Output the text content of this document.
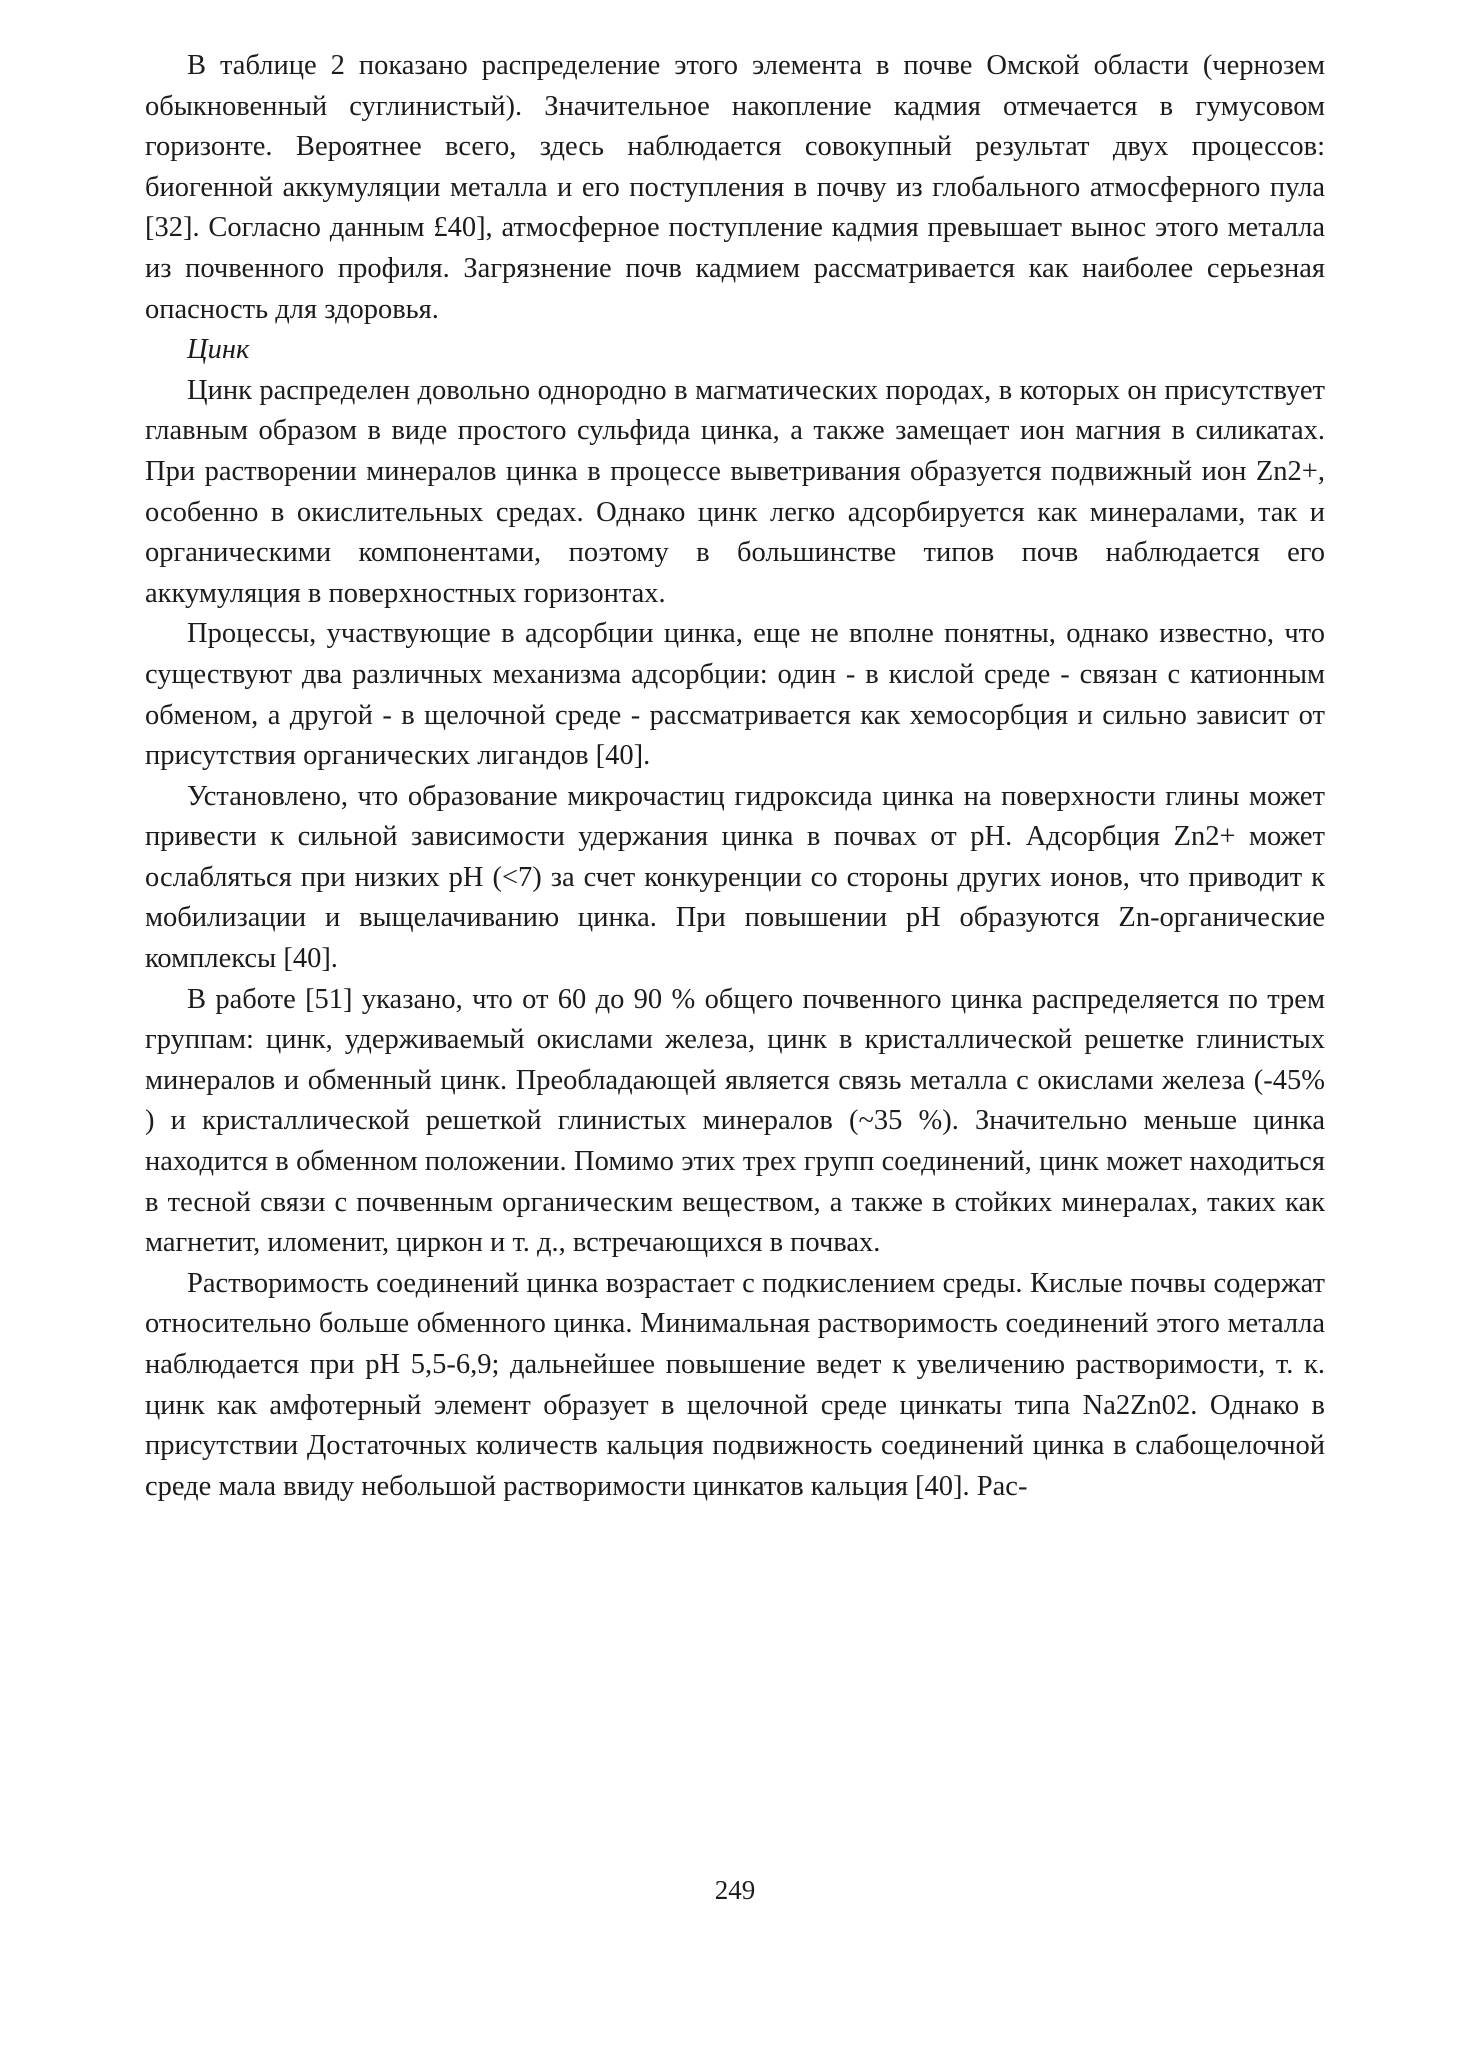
В таблице 2 показано распределение этого элемента в почве Омской области (чернозем обыкновенный суглинистый). Значительное накопление кадмия отмечается в гумусовом горизонте. Вероятнее всего, здесь наблюдается совокупный результат двух процессов: биогенной аккумуляции металла и его поступления в почву из глобального атмосферного пула [32]. Согласно данным £40], атмосферное поступление кадмия превышает вынос этого металла из почвенного профиля. Загрязнение почв кадмием рассматривается как наиболее серьезная опасность для здоровья.

Цинк

Цинк распределен довольно однородно в магматических породах, в которых он присутствует главным образом в виде простого сульфида цинка, а также замещает ион магния в силикатах. При растворении минералов цинка в процессе выветривания образуется подвижный ион Zn2+, особенно в окислительных средах. Однако цинк легко адсорбируется как минералами, так и органическими компонентами, поэтому в большинстве типов почв наблюдается его аккумуляция в поверхностных горизонтах.

Процессы, участвующие в адсорбции цинка, еще не вполне понятны, однако известно, что существуют два различных механизма адсорбции: один - в кислой среде - связан с катионным обменом, а другой - в щелочной среде - рассматривается как хемосорбция и сильно зависит от присутствия органических лигандов [40].

Установлено, что образование микрочастиц гидроксида цинка на поверхности глины может привести к сильной зависимости удержания цинка в почвах от pH. Адсорбция Zn2+ может ослабляться при низких pH (<7) за счет конкуренции со стороны других ионов, что приводит к мобилизации и выщелачиванию цинка. При повышении pH образуются Zn-органические комплексы [40].

В работе [51] указано, что от 60 до 90 % общего почвенного цинка распределяется по трем группам: цинк, удерживаемый окислами железа, цинк в кристаллической решетке глинистых минералов и обменный цинк. Преобладающей является связь металла с окислами железа (-45% ) и кристаллической решеткой глинистых минералов (~35 %). Значительно меньше цинка находится в обменном положении. Помимо этих трех групп соединений, цинк может находиться в тесной связи с почвенным органическим веществом, а также в стойких минералах, таких как магнетит, иломенит, циркон и т. д., встречающихся в почвах.

Растворимость соединений цинка возрастает с подкислением среды. Кислые почвы содержат относительно больше обменного цинка. Минимальная растворимость соединений этого металла наблюдается при pH 5,5-6,9; дальнейшее повышение ведет к увеличению растворимости, т. к. цинк как амфотерный элемент образует в щелочной среде цинкаты типа Na2Zn02. Однако в присутствии Достаточных количеств кальция подвижность соединений цинка в слабощелочной среде мала ввиду небольшой растворимости цинкатов кальция [40]. Рас-

249
